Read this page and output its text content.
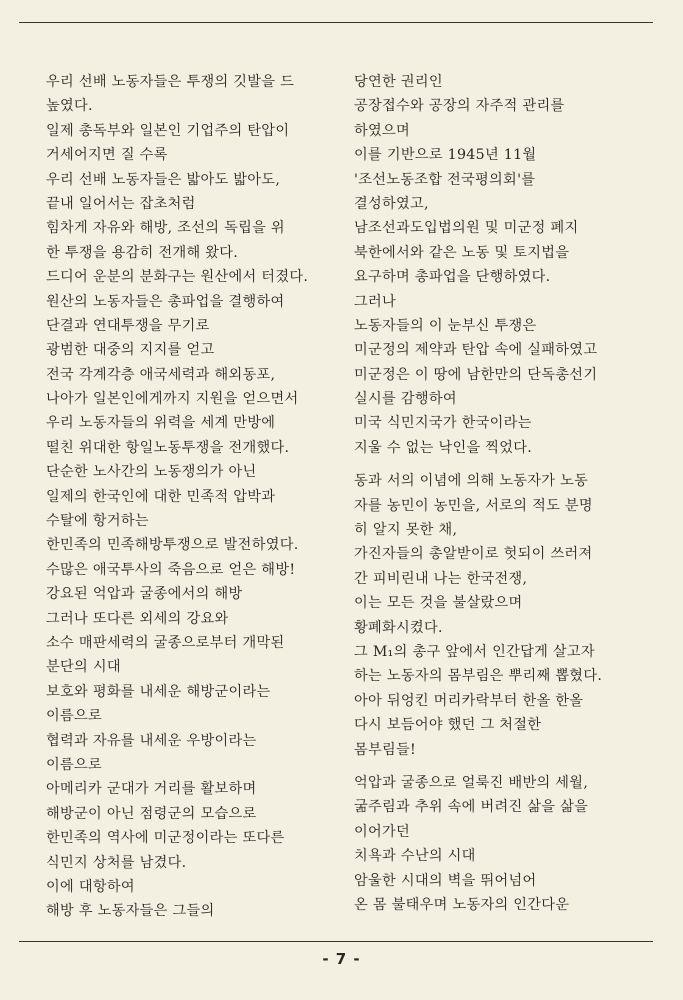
우리 선배 노동자들은 투쟁의 깃발을 드
높였다.
일제 총독부와 일본인 기업주의 탄압이
거세어지면 질 수록
우리 선배 노동자들은 밟아도 밟아도,
끝내 일어서는 잡초처럼
힘차게 자유와 해방, 조선의 독립을 위
한 투쟁을 용감히 전개해 왔다.
드디어 운분의 분화구는 원산에서 터졌다.
원산의 노동자들은 총파업을 결행하여
단결과 연대투쟁을 무기로
광범한 대중의 지지를 얻고
전국 각계각층 애국세력과 해외동포,
나아가 일본인에게까지 지원을 얻으면서
우리 노동자들의 위력을 세계 만방에
떨친 위대한 항일노동투쟁을 전개했다.
단순한 노사간의 노동쟁의가 아닌
일제의 한국인에 대한 민족적 압박과
수탈에 항거하는
한민족의 민족해방투쟁으로 발전하였다.
수많은 애국투사의 죽음으로 얻은 해방!
강요된 억압과 굴종에서의 해방
그러나 또다른 외세의 강요와
소수 매판세력의 굴종으로부터 개막된
분단의 시대
보호와 평화를 내세운 해방군이라는
이름으로
협력과 자유를 내세운 우방이라는
이름으로
아메리카 군대가 거리를 활보하며
해방군이 아닌 점령군의 모습으로
한민족의 역사에 미군정이라는 또다른
식민지 상처를 남겼다.
이에 대항하여
해방 후 노동자들은 그들의
당연한 권리인
공장접수와 공장의 자주적 관리를
하였으며
이를 기반으로 1945년 11월
'조선노동조합 전국평의회'를
결성하였고,
남조선과도입법의원 및 미군정 폐지
북한에서와 같은 노동 및 토지법을
요구하며 총파업을 단행하였다.
그러나
노동자들의 이 눈부신 투쟁은
미군정의 제약과 탄압 속에 실패하였고
미군정은 이 땅에 남한만의 단독총선기
실시를 감행하여
미국 식민지국가 한국이라는
지울 수 없는 낙인을 찍었다.
동과 서의 이념에 의해 노동자가 노동
자를 농민이 농민을, 서로의 적도 분명
히 알지 못한 채,
가진자들의 총알받이로 헛되이 쓰러져
간 피비린내 나는 한국전쟁,
이는 모든 것을 불살랐으며
황폐화시켰다.
그 M₁의 총구 앞에서 인간답게 살고자
하는 노동자의 몸부림은 뿌리째 뽑혔다.
아아 뒤엉킨 머리카락부터 한올 한올
다시 보듬어야 했던 그 처절한
몸부림들!
억압과 굴종으로 얼룩진 배반의 세월,
굶주림과 추위 속에 버려진 삶을 삶을
이어가던
치욕과 수난의 시대
암울한 시대의 벽을 뛰어넘어
온 몸 불태우며 노동자의 인간다운
- 7 -
